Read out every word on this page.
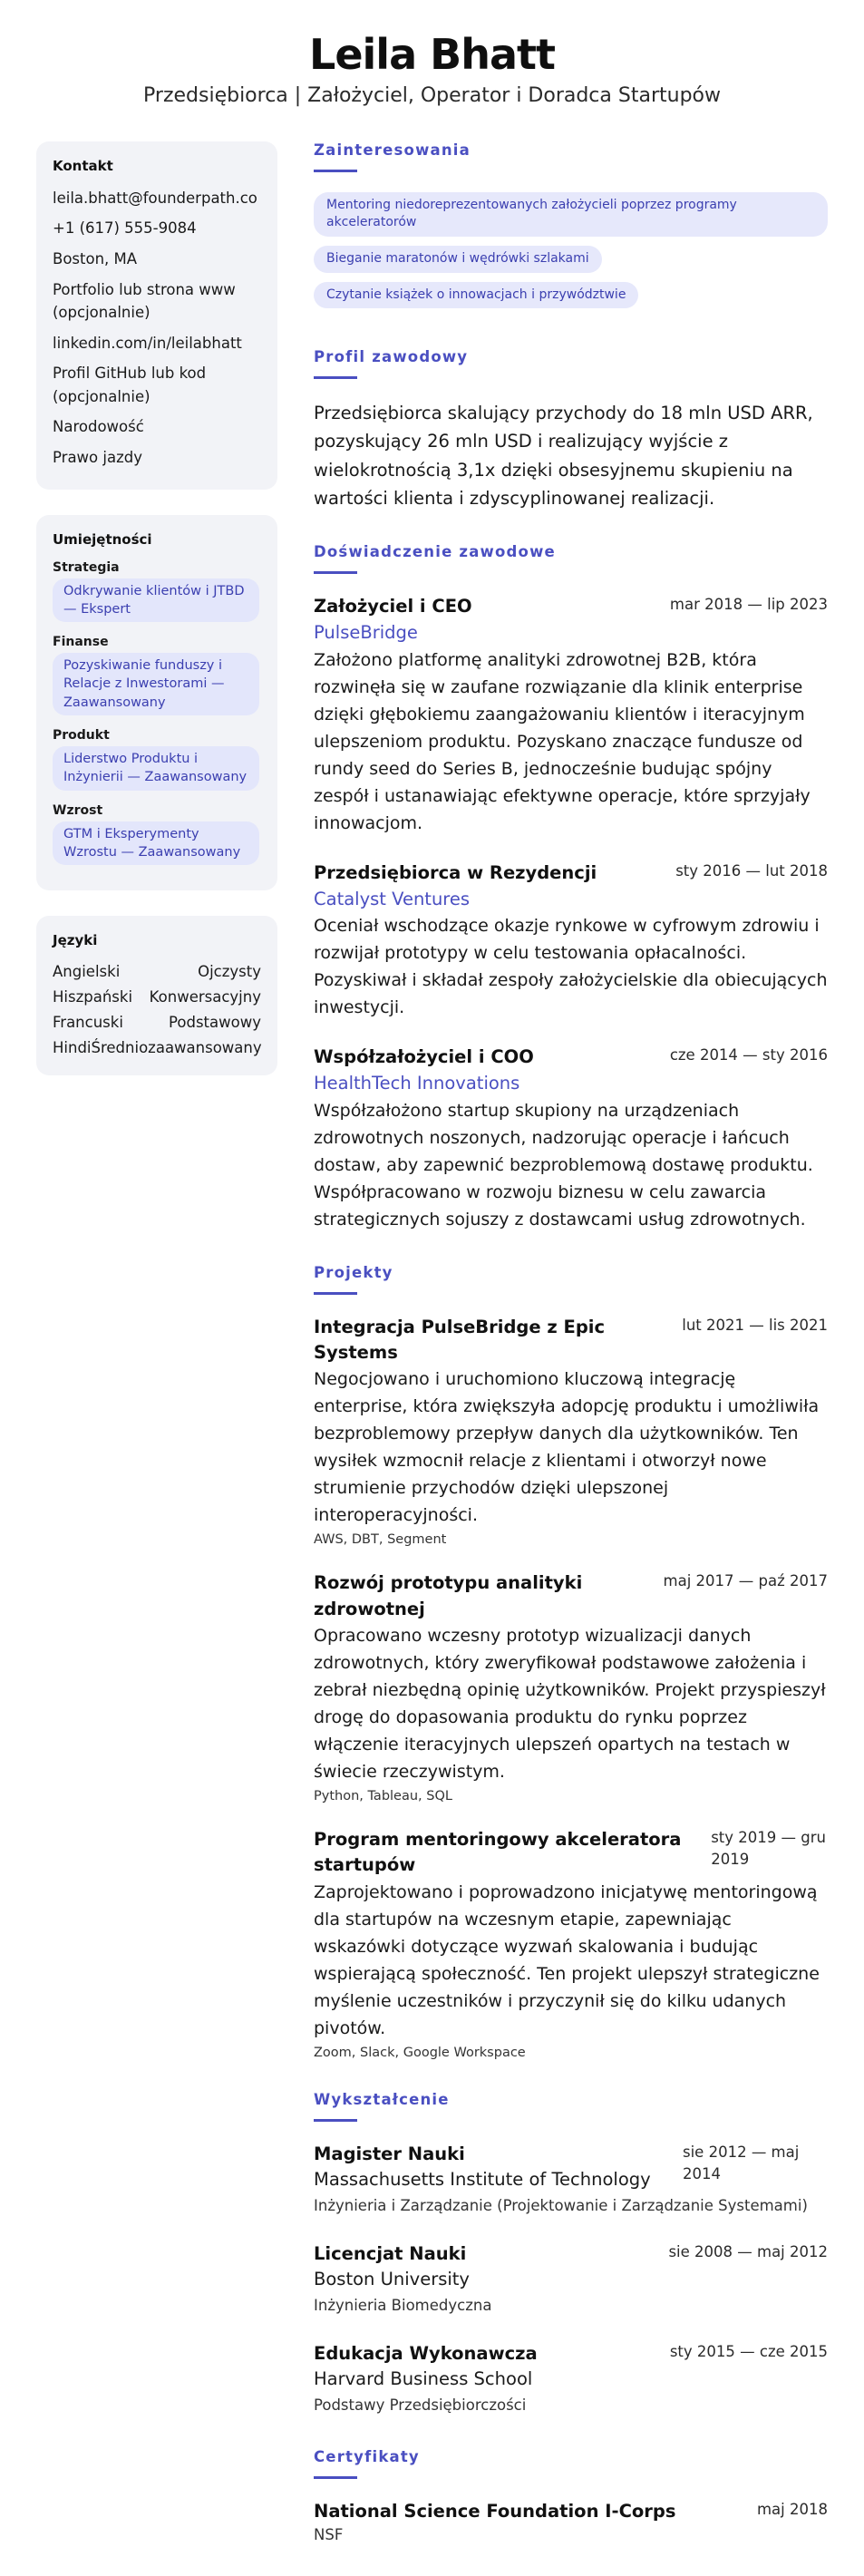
Leila Bhatt
Przedsiębiorca | Założyciel, Operator i Doradca Startupów
Kontakt
leila.bhatt@founderpath.co
+1 (617) 555-9084
Boston, MA
Portfolio lub strona www (opcjonalnie)
linkedin.com/in/leilabhatt
Profil GitHub lub kod (opcjonalnie)
Narodowość
Prawo jazdy
Umiejętności
Strategia
Odkrywanie klientów i JTBD — Ekspert
Finanse
Pozyskiwanie funduszy i Relacje z Inwestorami — Zaawansowany
Produkt
Liderstwo Produktu i Inżynierii — Zaawansowany
Wzrost
GTM i Eksperymenty Wzrostu — Zaawansowany
Języki
Angielski	Ojczysty
Hiszpański Konwersacyjny
Francuski	Podstawowy
Hindi Średniozaawansowany
Zainteresowania
Mentoring niedoreprezentowanych założycieli poprzez programy akceleratorów
Bieganie maratonów i wędrówki szlakami
Czytanie książek o innowacjach i przywództwie
Profil zawodowy

Przedsiębiorca skalujący przychody do 18 mln USD ARR, pozyskujący 26 mln USD i realizujący wyjście z wielokrotnością 3,1x dzięki obsesyjnemu skupieniu na wartości klienta i zdyscyplinowanej realizacji.

Doświadczenie zawodowe
Założyciel i CEO	mar 2018 — lip 2023
PulseBridge

Założono platformę analityki zdrowotnej B2B, która rozwinęła się w zaufane rozwiązanie dla klinik enterprise dzięki głębokiemu zaangażowaniu klientów i iteracyjnym ulepszeniom produktu. Pozyskano znaczące fundusze od rundy seed do Series B, jednocześnie budując spójny zespół i ustanawiając efektywne operacje, które sprzyjały innowacjom.

Przedsiębiorca w Rezydencji	sty 2016 — lut 2018
Catalyst Ventures

Oceniał wschodzące okazje rynkowe w cyfrowym zdrowiu i rozwijał prototypy w celu testowania opłacalności. Pozyskiwał i składał zespoły założycielskie dla obiecujących inwestycji.

Współzałożyciel i COO	cze 2014 — sty 2016
HealthTech Innovations

Współzałożono startup skupiony na urządzeniach zdrowotnych noszonych, nadzorując operacje i łańcuch dostaw, aby zapewnić bezproblemową dostawę produktu. Współpracowano w rozwoju biznesu w celu zawarcia strategicznych sojuszy z dostawcami usług zdrowotnych.

Projekty
Integracja PulseBridge z Epic Systems
lut 2021 — lis 2021

Negocjowano i uruchomiono kluczową integrację enterprise, która zwiększyła adopcję produktu i umożliwiła bezproblemowy przepływ danych dla użytkowników. Ten wysiłek wzmocnił relacje z klientami i otworzył nowe strumienie przychodów dzięki ulepszonej interoperacyjności.

AWS, DBT, Segment
Rozwój prototypu analityki zdrowotnej
maj 2017 — paź 2017

Opracowano wczesny prototyp wizualizacji danych zdrowotnych, który zweryfikował podstawowe założenia i zebrał niezbędną opinię użytkowników. Projekt przyspieszył drogę do dopasowania produktu do rynku poprzez włączenie iteracyjnych ulepszeń opartych na testach w świecie rzeczywistym.

Python, Tableau, SQL
Program mentoringowy akceleratora startupów
sty 2019 — gru 2019

Zaprojektowano i poprowadzono inicjatywę mentoringową dla startupów na wczesnym etapie, zapewniając wskazówki dotyczące wyzwań skalowania i budując wspierającą społeczność. Ten projekt ulepszył strategiczne myślenie uczestników i przyczynił się do kilku udanych pivotów.

Zoom, Slack, Google Workspace
Wykształcenie
Magister Nauki
Massachusetts Institute of Technology
sie 2012 — maj 2014
Inżynieria i Zarządzanie (Projektowanie i Zarządzanie Systemami)
Licencjat Nauki
Boston University
sie 2008 — maj 2012
Inżynieria Biomedyczna
Edukacja Wykonawcza
Harvard Business School
sty 2015 — cze 2015
Podstawy Przedsiębiorczości
Certyfikaty
National Science Foundation I-Corps	maj 2018
NSF
